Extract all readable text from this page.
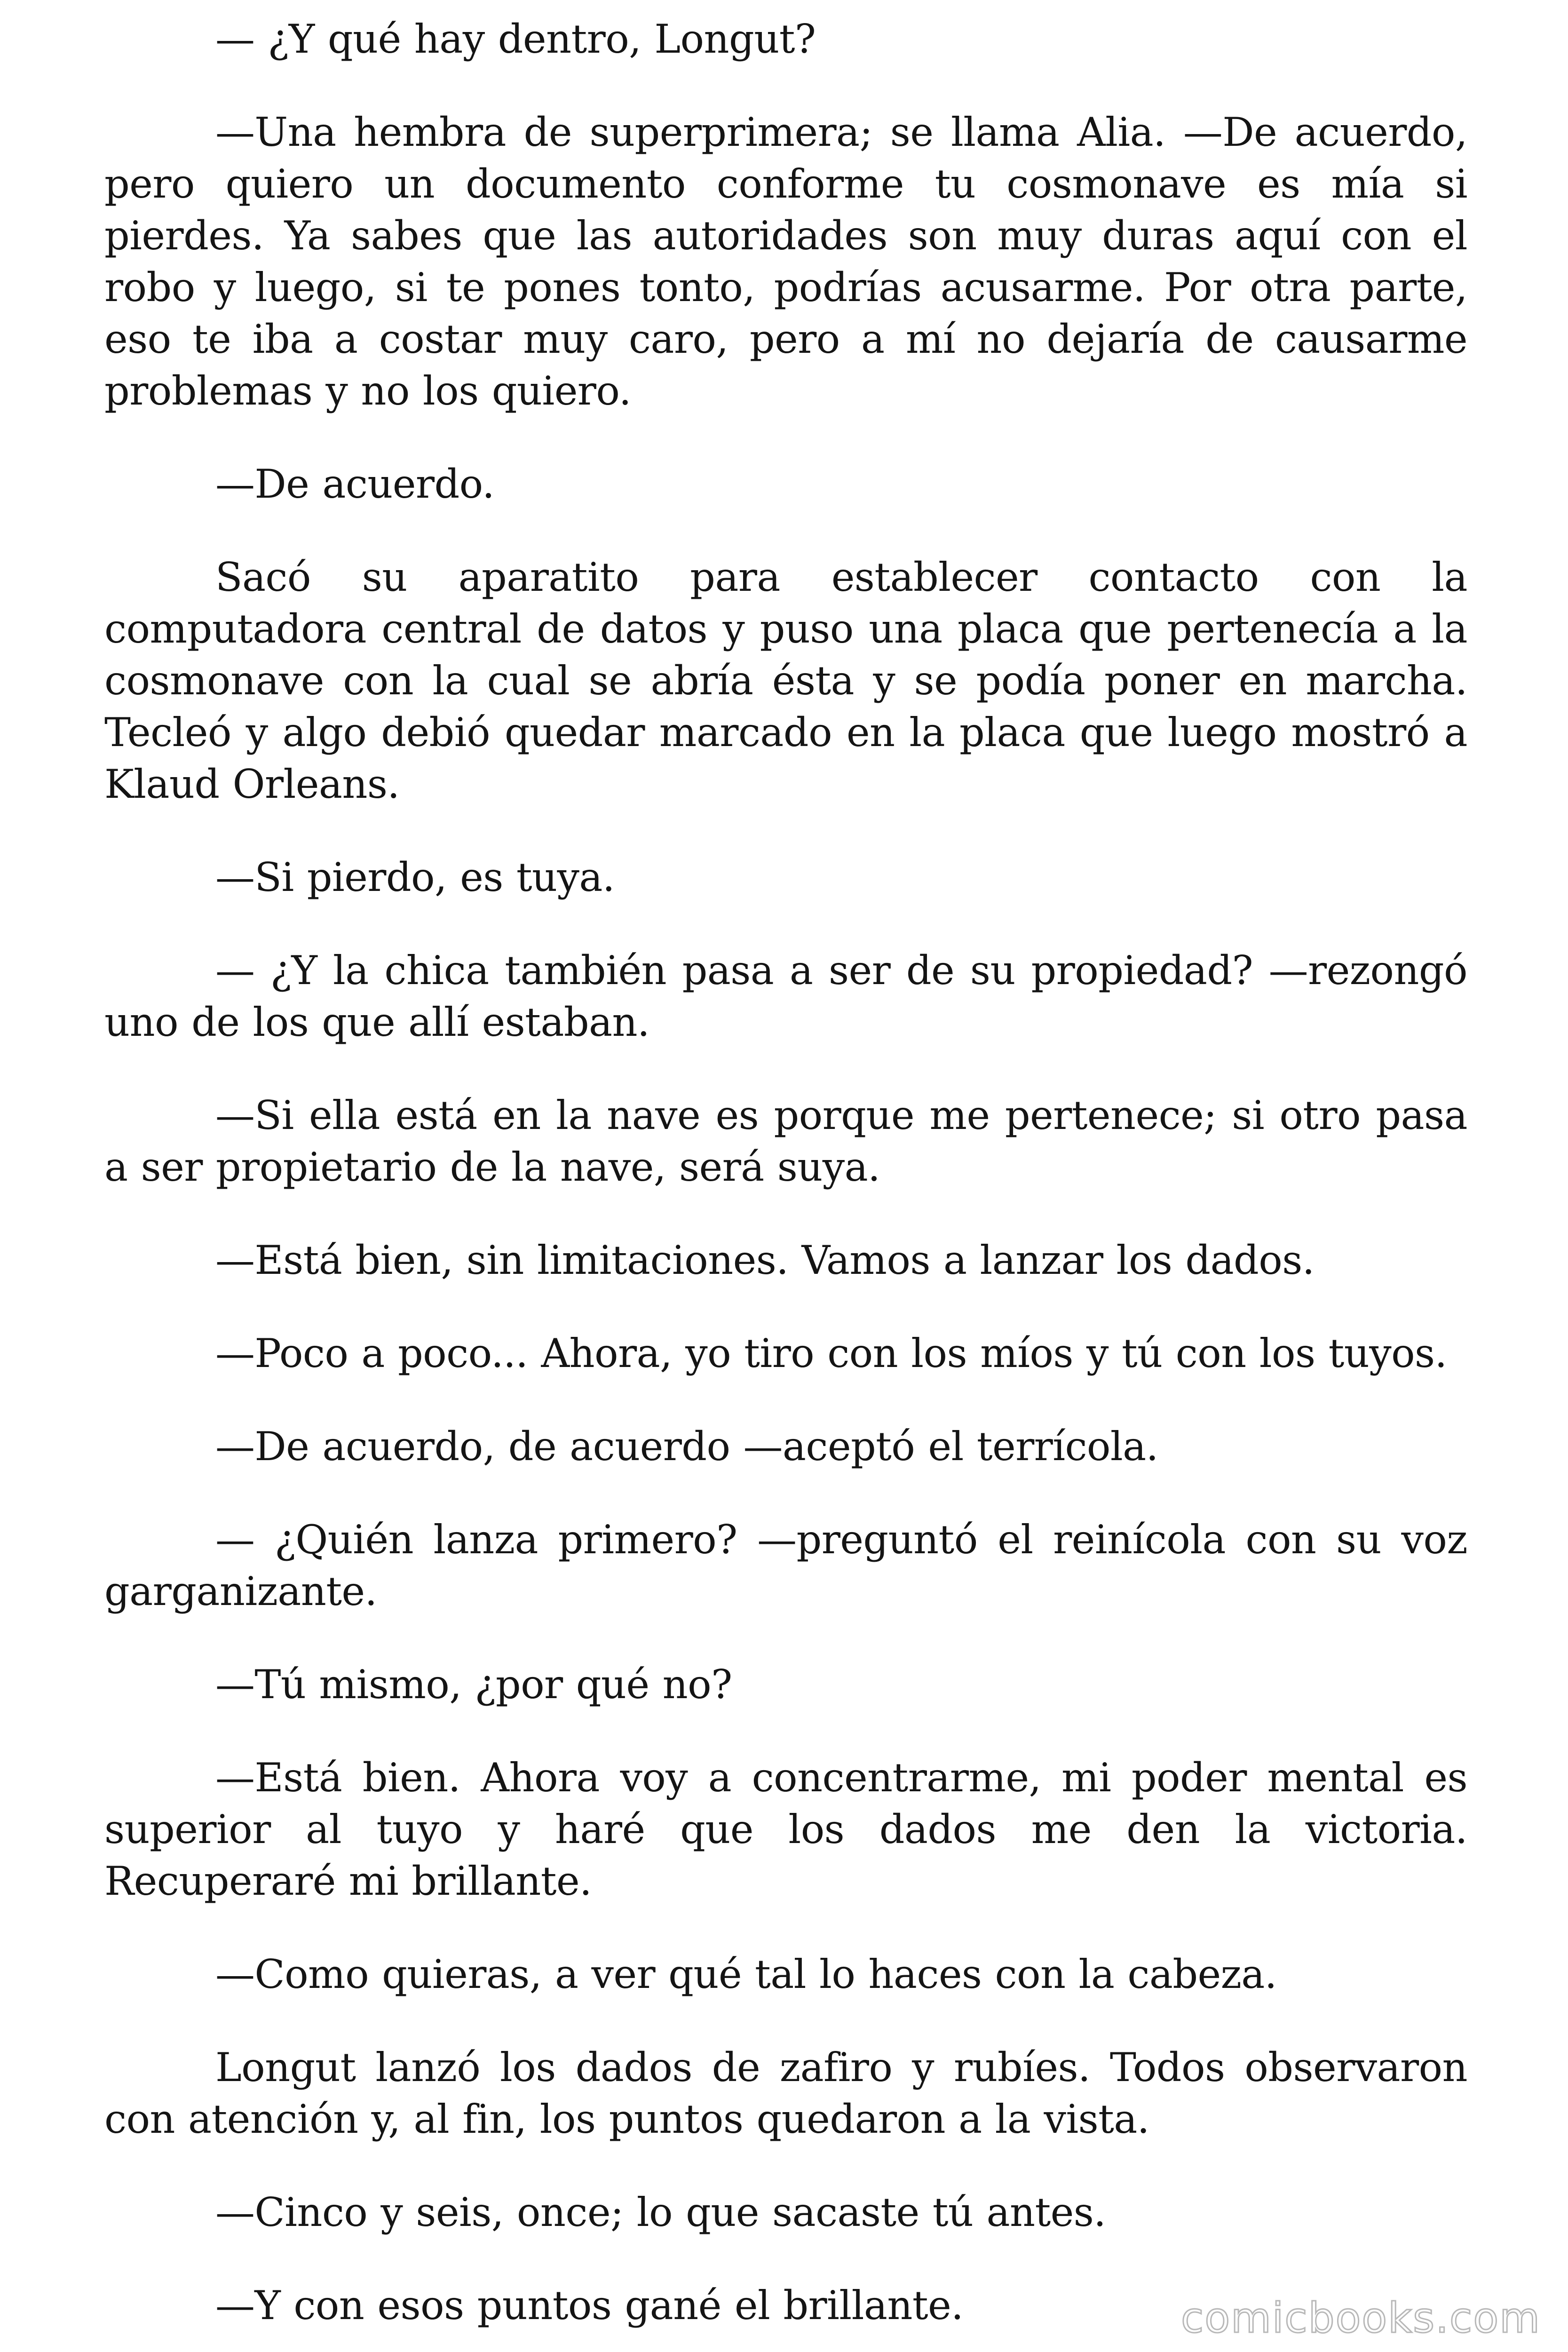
— ¿Y qué hay dentro, Longut?

—Una hembra de superprimera; se llama Alia. —De acuerdo, pero quiero un documento conforme tu cosmonave es mía si pierdes. Ya sabes que las autoridades son muy duras aquí con el robo y luego, si te pones tonto, podrías acusarme. Por otra parte, eso te iba a costar muy caro, pero a mí no dejaría de causarme problemas y no los quiero.

—De acuerdo.

Sacó su aparatito para establecer contacto con la computadora central de datos y puso una placa que pertenecía a la cosmonave con la cual se abría ésta y se podía poner en marcha. Tecleó y algo debió quedar marcado en la placa que luego mostró a Klaud Orleans.

—Si pierdo, es tuya.

— ¿Y la chica también pasa a ser de su propiedad? —rezongó uno de los que allí estaban.

—Si ella está en la nave es porque me pertenece; si otro pasa a ser propietario de la nave, será suya.

—Está bien, sin limitaciones. Vamos a lanzar los dados.

—Poco a poco... Ahora, yo tiro con los míos y tú con los tuyos.

—De acuerdo, de acuerdo —aceptó el terrícola.

— ¿Quién lanza primero? —preguntó el reinícola con su voz garganizante.

—Tú mismo, ¿por qué no?

—Está bien. Ahora voy a concentrarme, mi poder mental es superior al tuyo y haré que los dados me den la victoria. Recuperaré mi brillante.

—Como quieras, a ver qué tal lo haces con la cabeza.

Longut lanzó los dados de zafiro y rubíes. Todos observaron con atención y, al fin, los puntos quedaron a la vista.

—Cinco y seis, once; lo que sacaste tú antes.

—Y con esos puntos gané el brillante.	comicbooks.com
